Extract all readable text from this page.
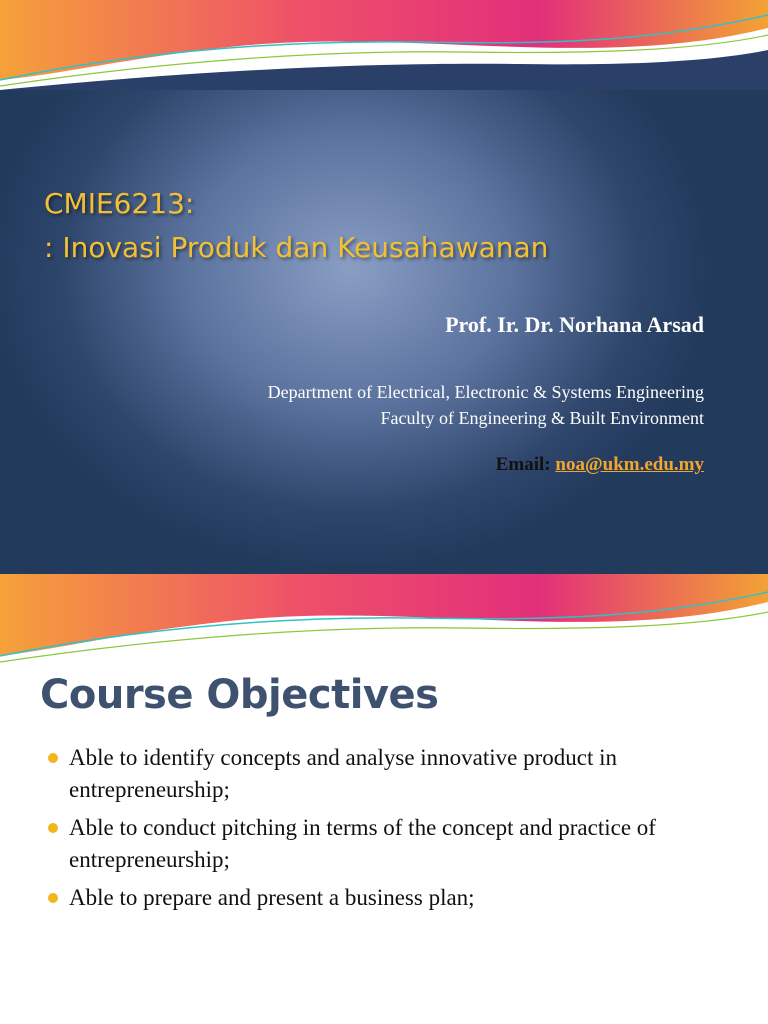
CMIE6213:
: Inovasi Produk dan Keusahawanan
Prof. Ir. Dr. Norhana Arsad
Department of Electrical, Electronic & Systems Engineering
Faculty of Engineering & Built Environment
Email: noa@ukm.edu.my
Course Objectives
Able to identify concepts and analyse innovative product in entrepreneurship;
Able to conduct pitching in terms of the concept and practice of entrepreneurship;
Able to prepare and present a business plan;
